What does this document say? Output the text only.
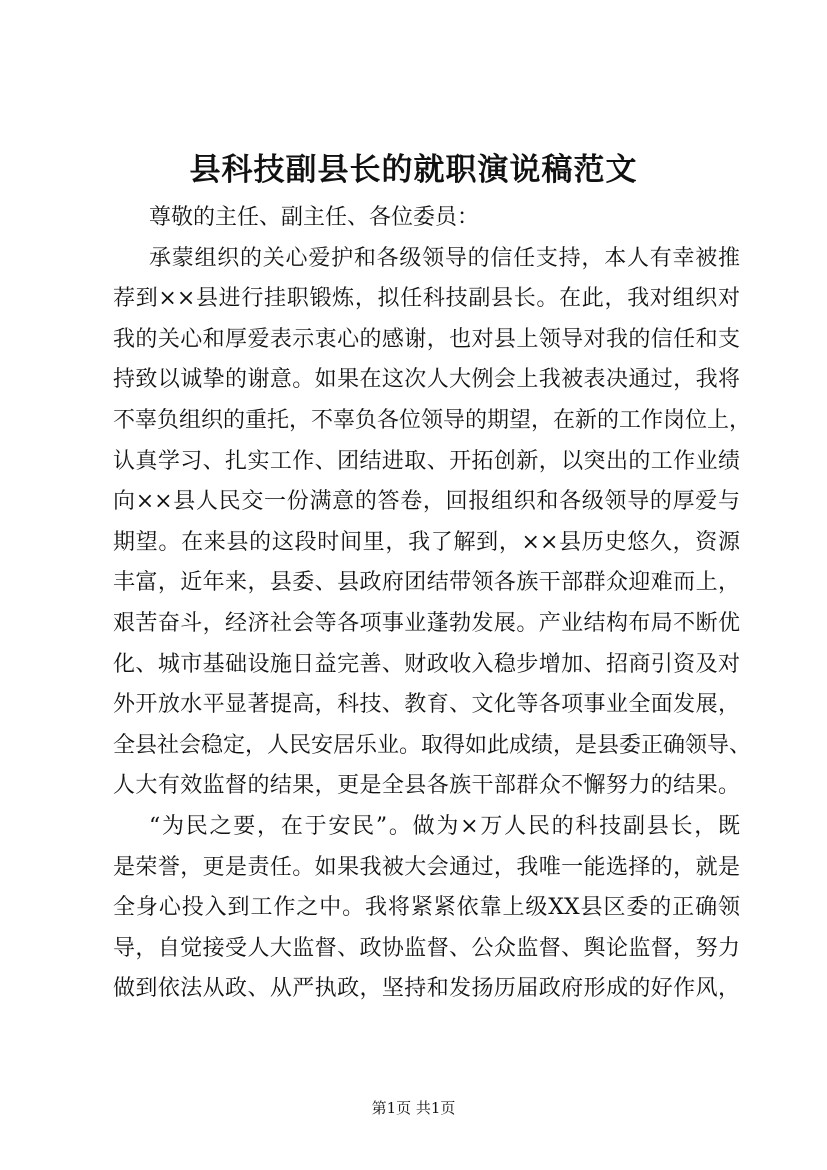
县科技副县长的就职演说稿范文
尊敬的主任、副主任、各位委员：
承蒙组织的关心爱护和各级领导的信任支持，本人有幸被推
荐到××县进行挂职锻炼，拟任科技副县长。在此，我对组织对
我的关心和厚爱表示衷心的感谢，也对县上领导对我的信任和支
持致以诚挚的谢意。如果在这次人大例会上我被表决通过，我将
不辜负组织的重托，不辜负各位领导的期望，在新的工作岗位上，
认真学习、扎实工作、团结进取、开拓创新，以突出的工作业绩
向××县人民交一份满意的答卷，回报组织和各级领导的厚爱与
期望。在来县的这段时间里，我了解到，××县历史悠久，资源
丰富，近年来，县委、县政府团结带领各族干部群众迎难而上，
艰苦奋斗，经济社会等各项事业蓬勃发展。产业结构布局不断优
化、城市基础设施日益完善、财政收入稳步增加、招商引资及对
外开放水平显著提高，科技、教育、文化等各项事业全面发展，
全县社会稳定，人民安居乐业。取得如此成绩，是县委正确领导、
人大有效监督的结果，更是全县各族干部群众不懈努力的结果。
“为民之要，在于安民”。做为×万人民的科技副县长，既
是荣誉，更是责任。如果我被大会通过，我唯一能选择的，就是
全身心投入到工作之中。我将紧紧依靠上级XX县区委的正确领
导，自觉接受人大监督、政协监督、公众监督、舆论监督，努力
做到依法从政、从严执政，坚持和发扬历届政府形成的好作风，
第1页 共1页
